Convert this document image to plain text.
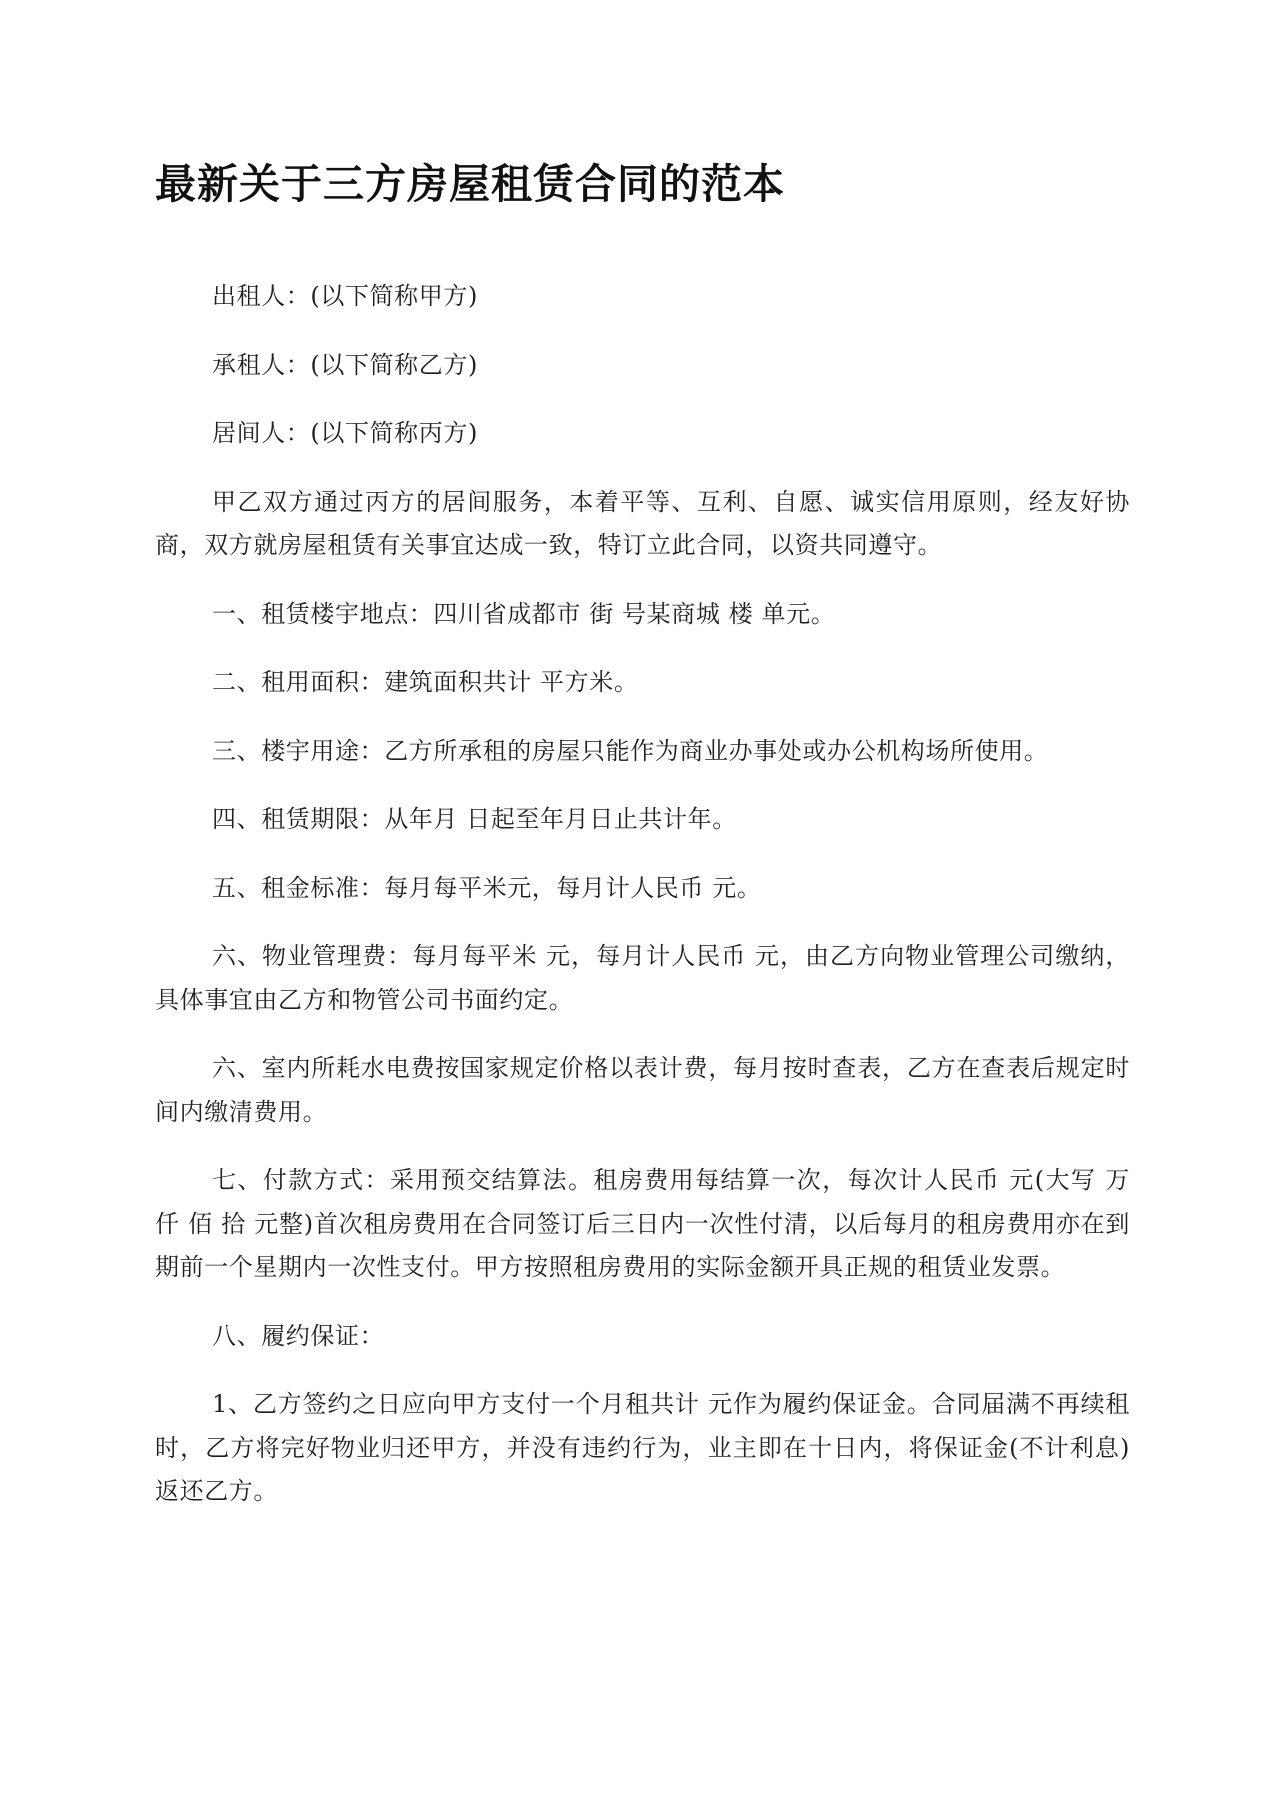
最新关于三方房屋租赁合同的范本

出租人：(以下简称甲方)

承租人：(以下简称乙方)

居间人：(以下简称丙方)

甲乙双方通过丙方的居间服务，本着平等、互利、自愿、诚实信用原则，经友好协商，双方就房屋租赁有关事宜达成一致，特订立此合同，以资共同遵守。

一、租赁楼宇地点：四川省成都市 街 号某商城 楼 单元。

二、租用面积：建筑面积共计 平方米。

三、楼宇用途：乙方所承租的房屋只能作为商业办事处或办公机构场所使用。

四、租赁期限：从年月 日起至年月日止共计年。

五、租金标准：每月每平米元，每月计人民币 元。

六、物业管理费：每月每平米 元，每月计人民币 元，由乙方向物业管理公司缴纳，具体事宜由乙方和物管公司书面约定。

六、室内所耗水电费按国家规定价格以表计费，每月按时查表，乙方在查表后规定时间内缴清费用。

七、付款方式：采用预交结算法。租房费用每结算一次，每次计人民币 元(大写 万 仟 佰 拾 元整)首次租房费用在合同签订后三日内一次性付清，以后每月的租房费用亦在到期前一个星期内一次性支付。甲方按照租房费用的实际金额开具正规的租赁业发票。

八、履约保证：

1、乙方签约之日应向甲方支付一个月租共计 元作为履约保证金。合同届满不再续租时，乙方将完好物业归还甲方，并没有违约行为，业主即在十日内，将保证金(不计利息)返还乙方。
